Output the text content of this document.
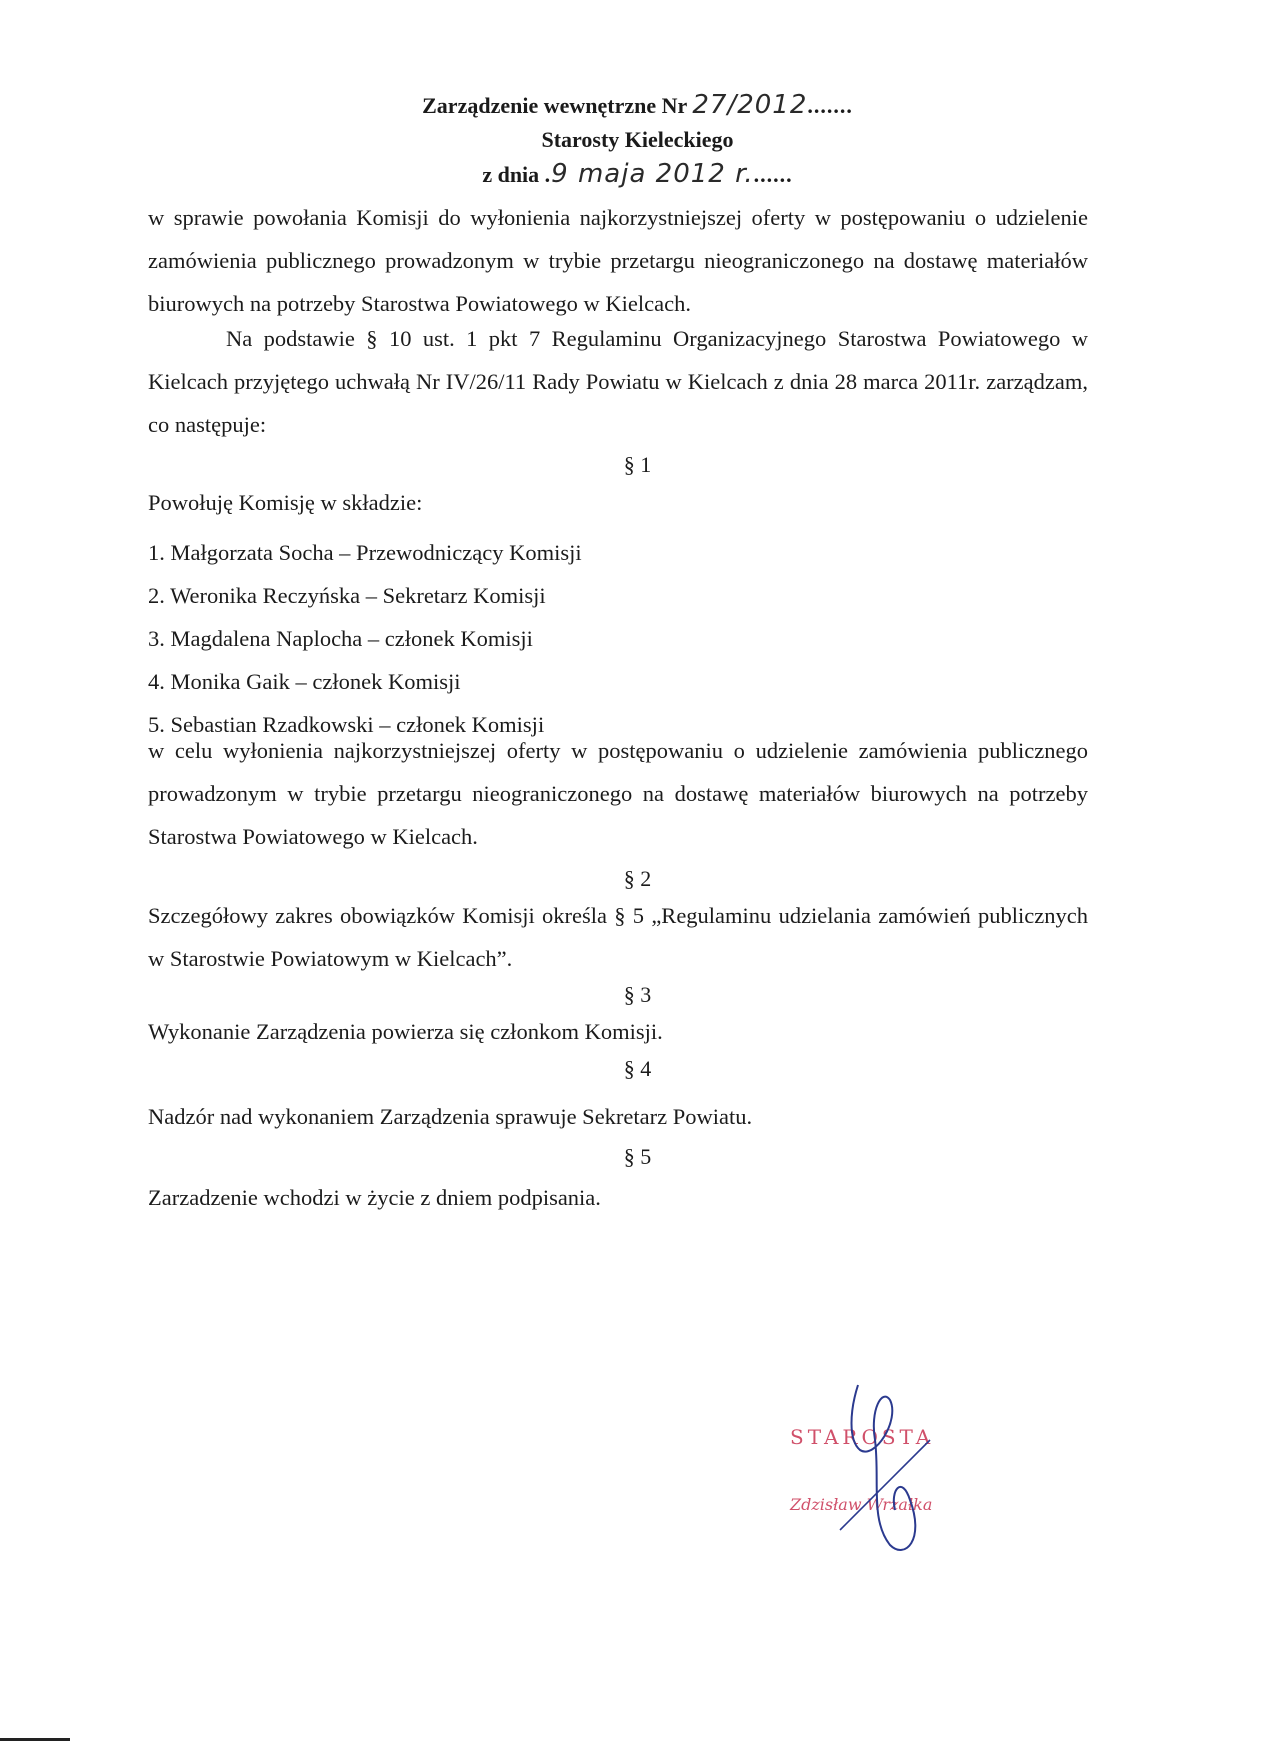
Zarządzenie wewnętrzne Nr 27/2012.......
Starosty Kieleckiego
z dnia .9 maja 2012 r.......

w sprawie powołania Komisji do wyłonienia najkorzystniejszej oferty w postępowaniu o udzielenie zamówienia publicznego prowadzonym w trybie przetargu nieograniczonego na dostawę materiałów biurowych na potrzeby Starostwa Powiatowego w Kielcach.

Na podstawie § 10 ust. 1 pkt 7 Regulaminu Organizacyjnego Starostwa Powiatowego w Kielcach przyjętego uchwałą Nr IV/26/11 Rady Powiatu w Kielcach z dnia 28 marca 2011r. zarządzam, co następuje:

§ 1
Powołuję Komisję w składzie:
1. Małgorzata Socha – Przewodniczący Komisji
2. Weronika Reczyńska – Sekretarz Komisji
3. Magdalena Naplocha – członek Komisji
4. Monika Gaik – członek Komisji
5. Sebastian Rzadkowski – członek Komisji

w celu wyłonienia najkorzystniejszej oferty w postępowaniu o udzielenie zamówienia publicznego prowadzonym w trybie przetargu nieograniczonego na dostawę materiałów biurowych na potrzeby Starostwa Powiatowego w Kielcach.

§ 2

Szczegółowy zakres obowiązków Komisji określa § 5 „Regulaminu udzielania zamówień publicznych w Starostwie Powiatowym w Kielcach”.

§ 3
Wykonanie Zarządzenia powierza się członkom Komisji.
§ 4
Nadzór nad wykonaniem Zarządzenia sprawuje Sekretarz Powiatu.
§ 5
Zarzadzenie wchodzi w życie z dniem podpisania.
STAROSTA
Zdzisław Wrzałka
